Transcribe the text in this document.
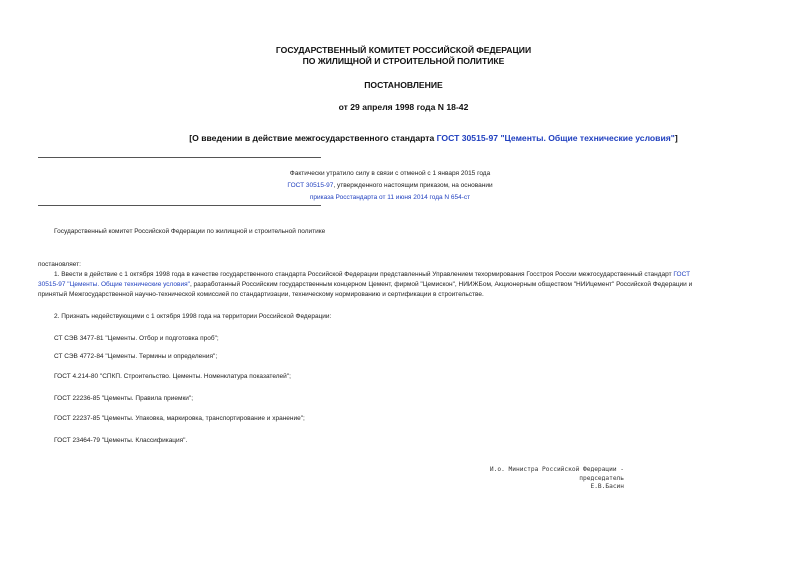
ГОСУДАРСТВЕННЫЙ КОМИТЕТ РОССИЙСКОЙ ФЕДЕРАЦИИ
ПО ЖИЛИЩНОЙ И СТРОИТЕЛЬНОЙ ПОЛИТИКЕ
ПОСТАНОВЛЕНИЕ
от 29 апреля 1998 года N 18-42
[О введении в действие межгосударственного стандарта ГОСТ 30515-97 "Цементы. Общие технические условия"]
Фактически утратило силу в связи с отменой с 1 января 2015 года
ГОСТ 30515-97, утвержденного настоящим приказом, на основании
приказа Росстандарта от 11 июня 2014 года N 654-ст
Государственный комитет Российской Федерации по жилищной и строительной политике
постановляет:
1. Ввести в действие с 1 октября 1998 года в качестве государственного стандарта Российской Федерации представленный Управлением техормирования Госстроя России межгосударственный стандарт ГОСТ
30515-97 "Цементы. Общие технические условия", разработанный Российским государственным концерном Цемент, фирмой "Цемискон", НИИЖБом, Акционерным обществом "НИИцемент" Российской Федерации и
принятый Межгосударственной научно-технической комиссией по стандартизации, техническому нормированию и сертификации в строительстве.
2. Признать недействующими с 1 октября 1998 года на территории Российской Федерации:
СТ СЭВ 3477-81 "Цементы. Отбор и подготовка проб";
СТ СЭВ 4772-84 "Цементы. Термины и определения";
ГОСТ 4.214-80 "СПКП. Строительство. Цементы. Номенклатура показателей";
ГОСТ 22236-85 "Цементы. Правила приемки";
ГОСТ 22237-85 "Цементы. Упаковка, маркировка, транспортирование и хранение";
ГОСТ 23464-79 "Цементы. Классификация".
И.о. Министра Российской Федерации -
председатель
Е.В.Басин
